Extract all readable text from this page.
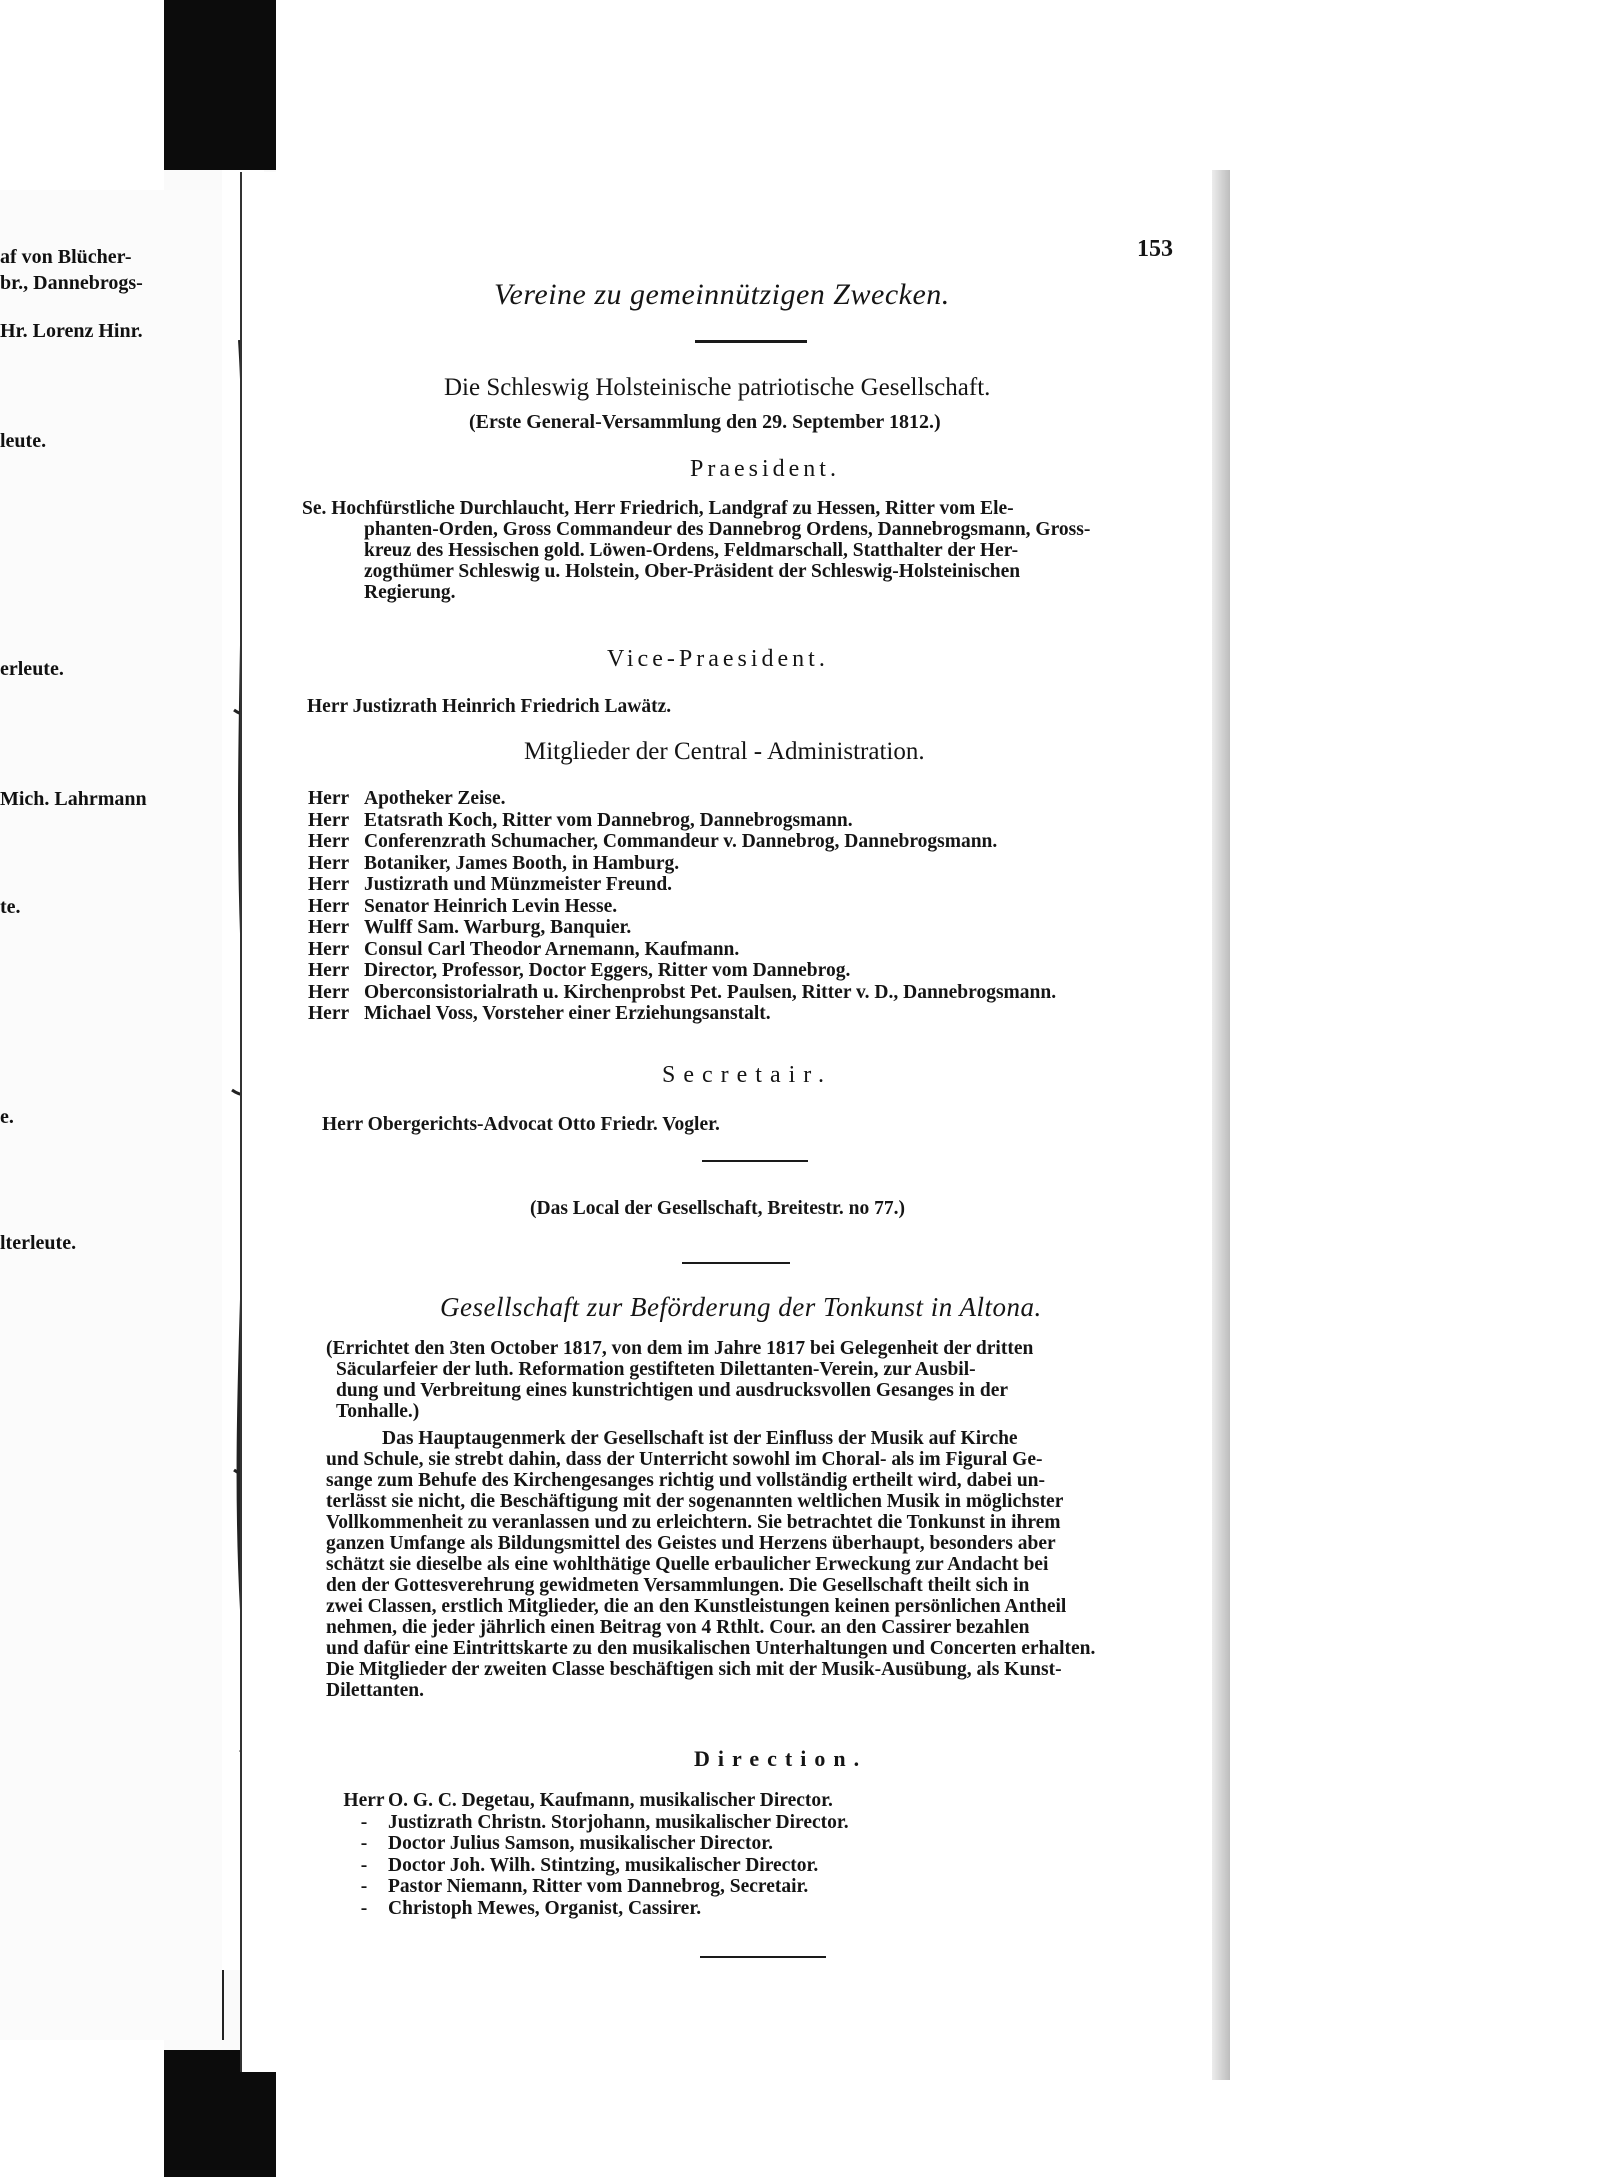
af von Blücher-
br., Dannebrogs-
Hr. Lorenz Hinr.
leute.
erleute.
Mich. Lahrmann
te.
e.
lterleute.
153
Vereine zu gemeinnützigen Zwecken.
Die Schleswig Holsteinische patriotische Gesellschaft.
(Erste General-Versammlung den 29. September 1812.)
Praesident.
Se. Hochfürstliche Durchlaucht, Herr Friedrich, Landgraf zu Hessen, Ritter vom Ele-
phanten-Orden, Gross Commandeur des Dannebrog Ordens, Dannebrogsmann, Gross-
kreuz des Hessischen gold. Löwen-Ordens, Feldmarschall, Statthalter der Her-
zogthümer Schleswig u. Holstein, Ober-Präsident der Schleswig-Holsteinischen
Regierung.
Vice-Praesident.
Herr Justizrath Heinrich Friedrich Lawätz.
Mitglieder der Central - Administration.
Herr Apotheker Zeise.
Herr Etatsrath Koch, Ritter vom Dannebrog, Dannebrogsmann.
Herr Conferenzrath Schumacher, Commandeur v. Dannebrog, Dannebrogsmann.
Herr Botaniker, James Booth, in Hamburg.
Herr Justizrath und Münzmeister Freund.
Herr Senator Heinrich Levin Hesse.
Herr Wulff Sam. Warburg, Banquier.
Herr Consul Carl Theodor Arnemann, Kaufmann.
Herr Director, Professor, Doctor Eggers, Ritter vom Dannebrog.
Herr Oberconsistorialrath u. Kirchenprobst Pet. Paulsen, Ritter v. D., Dannebrogsmann.
Herr Michael Voss, Vorsteher einer Erziehungsanstalt.
Secretair.
Herr Obergerichts-Advocat Otto Friedr. Vogler.
(Das Local der Gesellschaft, Breitestr. no 77.)
Gesellschaft zur Beförderung der Tonkunst in Altona.
(Errichtet den 3ten October 1817, von dem im Jahre 1817 bei Gelegenheit der dritten
Säcularfeier der luth. Reformation gestifteten Dilettanten-Verein, zur Ausbil-
dung und Verbreitung eines kunstrichtigen und ausdrucksvollen Gesanges in der
Tonhalle.)
Das Hauptaugenmerk der Gesellschaft ist der Einfluss der Musik auf Kirche
und Schule, sie strebt dahin, dass der Unterricht sowohl im Choral- als im Figural Ge-
sange zum Behufe des Kirchengesanges richtig und vollständig ertheilt wird, dabei un-
terlässt sie nicht, die Beschäftigung mit der sogenannten weltlichen Musik in möglichster
Vollkommenheit zu veranlassen und zu erleichtern. Sie betrachtet die Tonkunst in ihrem
ganzen Umfange als Bildungsmittel des Geistes und Herzens überhaupt, besonders aber
schätzt sie dieselbe als eine wohlthätige Quelle erbaulicher Erweckung zur Andacht bei
den der Gottesverehrung gewidmeten Versammlungen. Die Gesellschaft theilt sich in
zwei Classen, erstlich Mitglieder, die an den Kunstleistungen keinen persönlichen Antheil
nehmen, die jeder jährlich einen Beitrag von 4 Rthlt. Cour. an den Cassirer bezahlen
und dafür eine Eintrittskarte zu den musikalischen Unterhaltungen und Concerten erhalten.
Die Mitglieder der zweiten Classe beschäftigen sich mit der Musik-Ausübung, als Kunst-
Dilettanten.
Direction.
Herr O. G. C. Degetau, Kaufmann, musikalischer Director.
- Justizrath Christn. Storjohann, musikalischer Director.
- Doctor Julius Samson, musikalischer Director.
- Doctor Joh. Wilh. Stintzing, musikalischer Director.
- Pastor Niemann, Ritter vom Dannebrog, Secretair.
- Christoph Mewes, Organist, Cassirer.
